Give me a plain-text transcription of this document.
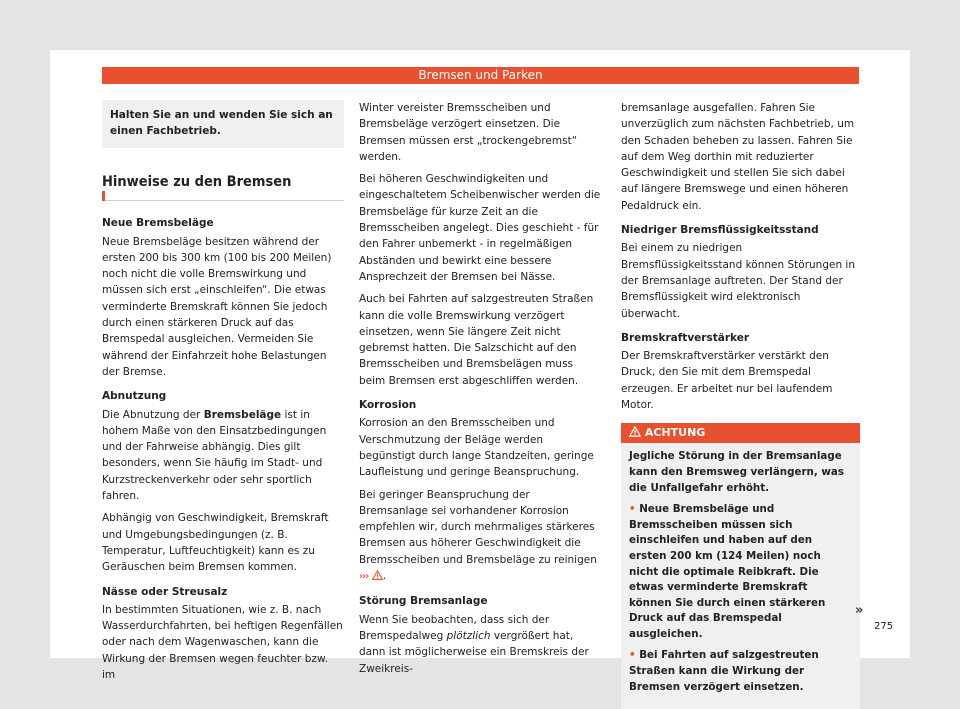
Bremsen und Parken
Halten Sie an und wenden Sie sich an einen Fachbetrieb.
Hinweise zu den Bremsen
Neue Bremsbeläge

Neue Bremsbeläge besitzen während der ersten 200 bis 300 km (100 bis 200 Meilen) noch nicht die volle Bremswirkung und müssen sich erst „einschleifen“. Die etwas verminderte Bremskraft können Sie jedoch durch einen stärkeren Druck auf das Bremspedal ausgleichen. Vermeiden Sie während der Einfahrzeit hohe Belastungen der Bremse.

Abnutzung

Die Abnutzung der Bremsbeläge ist in hohem Maße von den Einsatzbedingungen und der Fahrweise abhängig. Dies gilt besonders, wenn Sie häufig im Stadt- und Kurzstreckenverkehr oder sehr sportlich fahren.

Abhängig von Geschwindigkeit, Bremskraft und Umgebungsbedingungen (z. B. Temperatur, Luftfeuchtigkeit) kann es zu Geräuschen beim Bremsen kommen.

Nässe oder Streusalz

In bestimmten Situationen, wie z. B. nach Wasserdurchfahrten, bei heftigen Regenfällen oder nach dem Wagenwaschen, kann die Wirkung der Bremsen wegen feuchter bzw. im

Winter vereister Bremsscheiben und Bremsbeläge verzögert einsetzen. Die Bremsen müssen erst „trockengebremst“ werden.

Bei höheren Geschwindigkeiten und eingeschaltetem Scheibenwischer werden die Bremsbeläge für kurze Zeit an die Bremsscheiben angelegt. Dies geschieht - für den Fahrer unbemerkt - in regelmäßigen Abständen und bewirkt eine bessere Ansprechzeit der Bremsen bei Nässe.

Auch bei Fahrten auf salzgestreuten Straßen kann die volle Bremswirkung verzögert einsetzen, wenn Sie längere Zeit nicht gebremst hatten. Die Salzschicht auf den Bremsscheiben und Bremsbelägen muss beim Bremsen erst abgeschliffen werden.

Korrosion

Korrosion an den Bremsscheiben und Verschmutzung der Beläge werden begünstigt durch lange Standzeiten, geringe Laufleistung und geringe Beanspruchung.

Bei geringer Beanspruchung der Bremsanlage sei vorhandener Korrosion empfehlen wir, durch mehrmaliges stärkeres Bremsen aus höherer Geschwindigkeit die Bremsscheiben und Bremsbeläge zu reinigen ››› .

Störung Bremsanlage

Wenn Sie beobachten, dass sich der Bremspedalweg plötzlich vergrößert hat, dann ist möglicherweise ein Bremskreis der Zweikreis-

bremsanlage ausgefallen. Fahren Sie unverzüglich zum nächsten Fachbetrieb, um den Schaden beheben zu lassen. Fahren Sie auf dem Weg dorthin mit reduzierter Geschwindigkeit und stellen Sie sich dabei auf längere Bremswege und einen höheren Pedaldruck ein.

Niedriger Bremsflüssigkeitsstand

Bei einem zu niedrigen Bremsflüssigkeitsstand können Störungen in der Bremsanlage auftreten. Der Stand der Bremsflüssigkeit wird elektronisch überwacht.

Bremskraftverstärker

Der Bremskraftverstärker verstärkt den Druck, den Sie mit dem Bremspedal erzeugen. Er arbeitet nur bei laufendem Motor.

ACHTUNG

Jegliche Störung in der Bremsanlage kann den Bremsweg verlängern, was die Unfallgefahr erhöht.

• Neue Bremsbeläge und Bremsscheiben müssen sich einschleifen und haben auf den ersten 200 km (124 Meilen) noch nicht die optimale Reibkraft. Die etwas verminderte Bremskraft können Sie durch einen stärkeren Druck auf das Bremspedal ausgleichen.

• Bei Fahrten auf salzgestreuten Straßen kann die Wirkung der Bremsen verzögert einsetzen.

»
275
